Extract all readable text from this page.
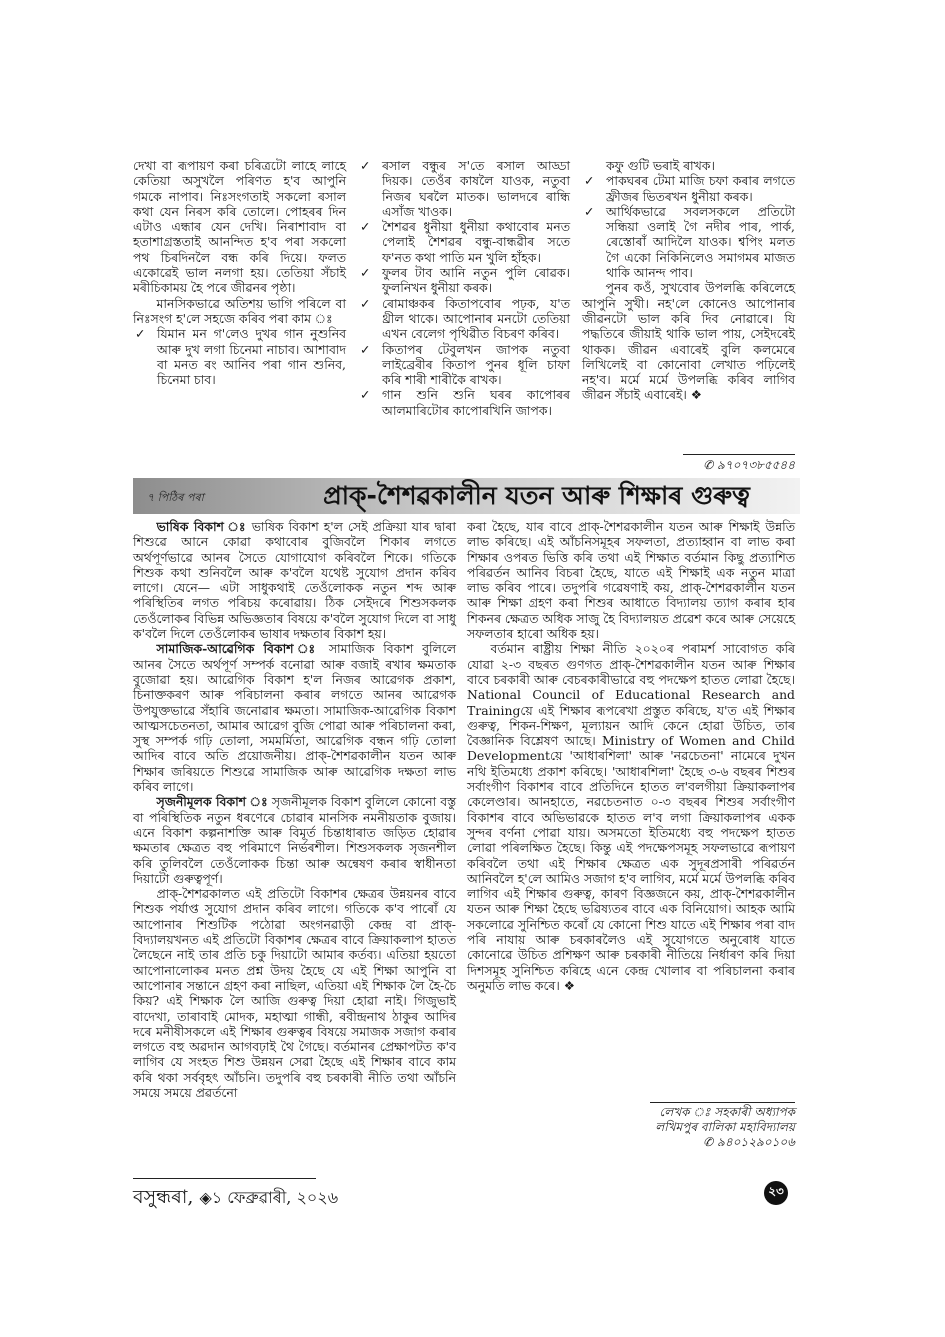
দেখা বা ৰূপায়ণ কৰা চৰিত্ৰটো লাহে লাহে কেতিয়া অসুখলৈ পৰিণত হ'ব আপুনি গমকে নাপাব। নিঃসংগতাই সকলো ৰসাল কথা যেন নিৰস কৰি তোলে। পোহৰৰ দিন এটাও এন্ধাৰ যেন দেখি। নিৰাশাবাদ বা হতাশাগ্ৰস্ততাই আনন্দিত হ'ব পৰা সকলো পথ চিৰদিনলৈ বন্ধ কৰি দিয়ে। ফলত একোৱেই ভাল নলগা হয়। তেতিয়া সঁচাই মৰীচিকাময় হৈ পৰে জীৱনৰ পৃষ্ঠা।

মানসিকভাৱে অতিশয় ভাগি পৰিলে বা নিঃসংগ হ'লে সহজে কৰিব পৰা কাম ঃ

✓ যিমান মন গ'লেও দুখৰ গান নুশুনিব আৰু দুখ লগা চিনেমা নাচাব। আশাবাদ বা মনত ৰং আনিব পৰা গান শুনিব, চিনেমা চাব।
✓ ৰসাল বন্ধুৰ স'তে ৰসাল আড্ডা দিয়ক। তেওঁৰ কাষলৈ যাওক, নতুবা নিজৰ ঘৰলৈ মাতক। ভালদৰে ৰান্ধি এসাঁজ খাওক।
✓ শৈশৱৰ ধুনীয়া ধুনীয়া কথাবোৰ মনত পেলাই শৈশৱৰ বন্ধু-বান্ধৱীৰ সতে ফ'নত কথা পাতি মন খুলি হাঁহক।
✓ ফুলৰ টাব আনি নতুন পুলি ৰোৱক। ফুলনিখন ধুনীয়া কৰক।
✓ ৰোমাঞ্চকৰ কিতাপবোৰ পঢ়ক, য'ত থ্ৰীল থাকে। আপোনাৰ মনটো তেতিয়া এখন বেলেগ পৃথিৱীত বিচৰণ কৰিব।
✓ কিতাপৰ টেবুলখন জাপক নতুবা লাইব্ৰেৰীৰ কিতাপ পুনৰ ধূলি চাফা কৰি শাৰী শাৰীকৈ ৰাখক।
✓ গান শুনি শুনি ঘৰৰ কাপোৰৰ আলমাৰিটোৰ কাপোৰখিনি জাপক।

কফু গুটি ভৰাই ৰাখক।

✓ পাকঘৰৰ টেমা মাজি চফা কৰাৰ লগতে ফ্ৰীজৰ ভিতৰখন ধুনীয়া কৰক।
✓ আৰ্থিকভাৱে সবলসকলে প্ৰতিটো সন্ধিয়া ওলাই গৈ নদীৰ পাৰ, পাৰ্ক, ৰেস্তোৰাঁ আদিলৈ যাওক। শ্বপিং মলত গৈ একো নিকিনিলেও সমাগমৰ মাজত থাকি আনন্দ পাব।

পুনৰ কওঁ, সুখবোৰ উপলব্ধি কৰিলেহে আপুনি সুখী। নহ'লে কোনেও আপোনাৰ জীৱনটো ভাল কৰি দিব নোৱাৰে। যি পদ্ধতিৰে জীয়াই থাকি ভাল পায়, সেইদৰেই থাকক। জীৱন এবাৰেই বুলি কলমেৰে লিখিলেই বা কোনোবা লেখাত পঢ়িলেই নহ'ব। মৰ্মে মৰ্মে উপলব্ধি কৰিব লাগিব জীৱন সঁচাই এবাৰেই। ❖

✆ ৯৭০৭৩৮৫৫৪৪
৭ পিঠিৰ পৰা	প্ৰাক্-শৈশৱকালীন যতন আৰু শিক্ষাৰ গুৰুত্ব

ভাষিক বিকাশ ঃ ভাষিক বিকাশ হ'ল সেই প্ৰক্ৰিয়া যাৰ দ্বাৰা শিশুৱে আনে কোৱা কথাবোৰ বুজিবলৈ শিকাৰ লগতে অৰ্থপূৰ্ণভাৱে আনৰ সৈতে যোগাযোগ কৰিবলৈ শিকে। গতিকে শিশুক কথা শুনিবলৈ আৰু ক'বলৈ যথেষ্ট সুযোগ প্ৰদান কৰিব লাগে। যেনে— এটা সাধুকথাই তেওঁলোকক নতুন শব্দ আৰু পৰিস্থিতিৰ লগত পৰিচয় কৰোৱায়। ঠিক সেইদৰে শিশুসকলক তেওঁলোকৰ বিভিন্ন অভিজ্ঞতাৰ বিষয়ে ক'বলৈ সুযোগ দিলে বা সাধু ক'বলৈ দিলে তেওঁলোকৰ ভাষাৰ দক্ষতাৰ বিকাশ হয়।

সামাজিক-আৱেগিক বিকাশ ঃ সামাজিক বিকাশ বুলিলে আনৰ সৈতে অৰ্থপূৰ্ণ সম্পৰ্ক বনোৱা আৰু বজাই ৰখাৰ ক্ষমতাক বুজোৱা হয়। আৱেগিক বিকাশ হ'ল নিজৰ আৱেগক প্ৰকাশ, চিনাক্তকৰণ আৰু পৰিচালনা কৰাৰ লগতে আনৰ আৱেগক উপযুক্তভাৱে সঁহাৰি জনোৱাৰ ক্ষমতা। সামাজিক-আৱেগিক বিকাশ আত্মসচেতনতা, আমাৰ আৱেগ বুজি পোৱা আৰু পৰিচালনা কৰা, সুস্থ সম্পৰ্ক গঢ়ি তোলা, সমমৰ্মিতা, আৱেগিক বন্ধন গঢ়ি তোলা আদিৰ বাবে অতি প্ৰয়োজনীয়। প্ৰাক্-শৈশৱকালীন যতন আৰু শিক্ষাৰ জৰিয়তে শিশুৱে সামাজিক আৰু আৱেগিক দক্ষতা লাভ কৰিব লাগে।

সৃজনীমূলক বিকাশ ঃ সৃজনীমূলক বিকাশ বুলিলে কোনো বস্তু বা পৰিস্থিতিক নতুন ধৰণেৰে চোৱাৰ মানসিক নমনীয়তাক বুজায়। এনে বিকাশ কল্পনাশক্তি আৰু বিমূৰ্ত চিন্তাধাৰাত জড়িত হোৱাৰ ক্ষমতাৰ ক্ষেত্ৰত বহু পৰিমাণে নিৰ্ভৰশীল। শিশুসকলক সৃজনশীল কৰি তুলিবলৈ তেওঁলোকক চিন্তা আৰু অন্বেষণ কৰাৰ স্বাধীনতা দিয়াটো গুৰুত্বপূৰ্ণ।

প্ৰাক্-শৈশৱকালত এই প্ৰতিটো বিকাশৰ ক্ষেত্ৰৰ উন্নয়নৰ বাবে শিশুক পৰ্যাপ্ত সুযোগ প্ৰদান কৰিব লাগে। গতিকে ক'ব পাৰোঁ যে আপোনাৰ শিশুটিক পঠোৱা অংগনৱাড়ী কেন্দ্ৰ বা প্ৰাক্-বিদ্যালয়খনত এই প্ৰতিটো বিকাশৰ ক্ষেত্ৰৰ বাবে ক্ৰিয়াকলাপ হাতত লৈছেনে নাই তাৰ প্ৰতি চকু দিয়াটো আমাৰ কৰ্তব্য। এতিয়া হয়তো আপোনালোকৰ মনত প্ৰশ্ন উদয় হৈছে যে এই শিক্ষা আপুনি বা আপোনাৰ সন্তানে গ্ৰহণ কৰা নাছিল, এতিয়া এই শিক্ষাক লৈ হৈ-চৈ কিয়? এই শিক্ষাক লৈ আজি গুৰুত্ব দিয়া হোৱা নাই। গিজুভাই বাদেখা, তাৰাবাই মোদক, মহাত্মা গান্ধী, ৰবীন্দ্ৰনাথ ঠাকুৰ আদিৰ দৰে মনীষীসকলে এই শিক্ষাৰ গুৰুত্বৰ বিষয়ে সমাজক সজাগ কৰাৰ লগতে বহু অৱদান আগবঢ়াই থৈ গৈছে। বৰ্তমানৰ প্ৰেক্ষাপটত ক'ব লাগিব যে সংহত শিশু উন্নয়ন সেৱা হৈছে এই শিক্ষাৰ বাবে কাম কৰি থকা সৰ্ববৃহৎ আঁচনি। তদুপৰি বহু চৰকাৰী নীতি তথা আঁচনি সময়ে সময়ে প্ৰৱৰ্তনো

কৰা হৈছে, যাৰ বাবে প্ৰাক্-শৈশৱকালীন যতন আৰু শিক্ষাই উন্নতি লাভ কৰিছে। এই আঁচনিসমূহৰ সফলতা, প্ৰত্যাহ্বান বা লাভ কৰা শিক্ষাৰ ওপৰত ভিত্তি কৰি তথা এই শিক্ষাত বৰ্তমান কিছু প্ৰত্যাশিত পৰিৱৰ্তন আনিব বিচৰা হৈছে, যাতে এই শিক্ষাই এক নতুন মাত্ৰা লাভ কৰিব পাৰে। তদুপৰি গৱেষণাই কয়, প্ৰাক্-শৈশৱকালীন যতন আৰু শিক্ষা গ্ৰহণ কৰা শিশুৰ আধাতে বিদ্যালয় ত্যাগ কৰাৰ হাৰ শিকনৰ ক্ষেত্ৰত অধিক সাজু হৈ বিদ্যালয়ত প্ৰৱেশ কৰে আৰু সেয়েহে সফলতাৰ হাৰো অধিক হয়।

বৰ্তমান ৰাষ্ট্ৰীয় শিক্ষা নীতি ২০২০ৰ পৰামৰ্শ সাবোগত কৰি যোৱা ২-৩ বছৰত গুণগত প্ৰাক্-শৈশৱকালীন যতন আৰু শিক্ষাৰ বাবে চৰকাৰী আৰু বেচৰকাৰীভাৱে বহু পদক্ষেপ হাতত লোৱা হৈছে। National Council of Educational Research and Trainingয়ে এই শিক্ষাৰ ৰূপৰেখা প্ৰস্তুত কৰিছে, য'ত এই শিক্ষাৰ গুৰুত্ব, শিকন-শিক্ষণ, মূল্যায়ন আদি কেনে হোৱা উচিত, তাৰ বৈজ্ঞানিক বিশ্লেষণ আছে। Ministry of Women and Child Developmentয়ে 'আধাৰশিলা' আৰু 'নৱচেতনা' নামেৰে দুখন নথি ইতিমধ্যে প্ৰকাশ কৰিছে। 'আধাৰশিলা' হৈছে ৩-৬ বছৰৰ শিশুৰ সৰ্বাংগীণ বিকাশৰ বাবে প্ৰতিদিনে হাতত ল'বলগীয়া ক্ৰিয়াকলাপৰ কেলেণ্ডাৰ। আনহাতে, নৱচেতনাত ০-৩ বছৰৰ শিশুৰ সৰ্বাংগীণ বিকাশৰ বাবে অভিভাৱকে হাতত ল'ব লগা ক্ৰিয়াকলাপৰ একক সুন্দৰ বৰ্ণনা পোৱা যায়। অসমতো ইতিমধ্যে বহু পদক্ষেপ হাতত লোৱা পৰিলক্ষিত হৈছে। কিন্তু এই পদক্ষেপসমূহ সফলভাৱে ৰূপায়ণ কৰিবলৈ তথা এই শিক্ষাৰ ক্ষেত্ৰত এক সুদূৰপ্ৰসাৰী পৰিৱৰ্তন আনিবলৈ হ'লে আমিও সজাগ হ'ব লাগিব, মৰ্মে মৰ্মে উপলব্ধি কৰিব লাগিব এই শিক্ষাৰ গুৰুত্ব, কাৰণ বিজ্ঞজনে কয়, প্ৰাক্-শৈশৱকালীন যতন আৰু শিক্ষা হৈছে ভৱিষ্যতৰ বাবে এক বিনিয়োগ। আহক আমি সকলোৱে সুনিশ্চিত কৰোঁ যে কোনো শিশু যাতে এই শিক্ষাৰ পৰা বাদ পৰি নাযায় আৰু চৰকাৰলৈও এই সুযোগতে অনুৰোধ যাতে কোনোৱে উচিত প্ৰশিক্ষণ আৰু চৰকাৰী নীতিয়ে নিৰ্ধাৰণ কৰি দিয়া দিশসমূহ সুনিশ্চিত কৰিহে এনে কেন্দ্ৰ খোলাৰ বা পৰিচালনা কৰাৰ অনুমতি লাভ কৰে। ❖

লেখক ঃ সহকাৰী অধ্যাপক
লখিমপুৰ বালিকা মহাবিদ্যালয়
✆ ৯৪০১২৯০১০৬
বসুন্ধৰা, ◈১ ফেব্ৰুৱাৰী, ২০২৬	২৩
